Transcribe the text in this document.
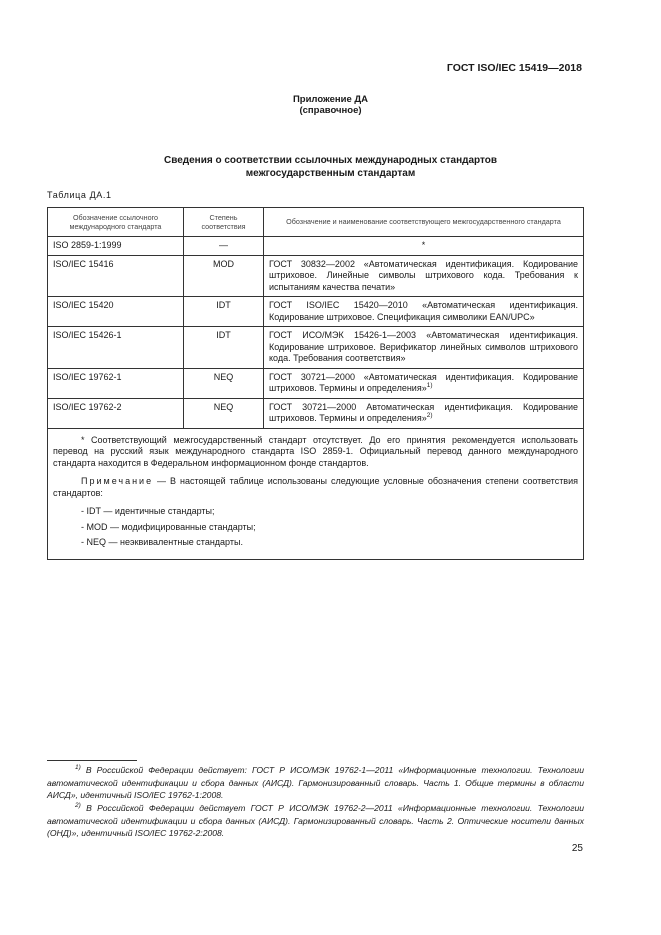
ГОСТ ISO/IEC 15419—2018
Приложение ДА
(справочное)
Сведения о соответствии ссылочных международных стандартов
межгосударственным стандартам
Таблица ДА.1
Обозначение ссылочного международного стандарта	Степень соответствия	Обозначение и наименование соответствующего межгосударственного стандарта
ISO 2859-1:1999	—	*
ISO/IEC 15416	MOD	ГОСТ 30832—2002 «Автоматическая идентификация. Кодирование штриховое. Линейные символы штрихового кода. Требования к испытаниям качества печати»
ISO/IEC 15420	IDT	ГОСТ ISO/IEC 15420—2010 «Автоматическая идентификация. Кодирование штриховое. Спецификация символики EAN/UPC»
ISO/IEC 15426-1	IDT	ГОСТ ИСО/МЭК 15426-1—2003 «Автоматическая идентификация. Кодирование штриховое. Верификатор линейных символов штрихового кода. Требования соответствия»
ISO/IEC 19762-1	NEQ	ГОСТ 30721—2000 «Автоматическая идентификация. Кодирование штриховов. Термины и определения»$^{1)}$
ISO/IEC 19762-2	NEQ	ГОСТ 30721—2000 Автоматическая идентификация. Кодирование штриховов. Термины и определения»$^{2)}$

* Соответствующий межгосударственный стандарт отсутствует. До его принятия рекомендуется использовать перевод на русский язык международного стандарта ISO 2859-1. Официальный перевод данного международного стандарта находится в Федеральном информационном фонде стандартов.

Примечание — В настоящей таблице использованы следующие условные обозначения степени соответствия стандартов:

- IDT — идентичные стандарты;

- MOD — модифицированные стандарты;

- NEQ — неэквивалентные стандарты.		

$^{1)}$ В Российской Федерации действует: ГОСТ Р ИСО/МЭК 19762-1—2011 «Информационные технологии. Технологии автоматической идентификации и сбора данных (АИСД). Гармонизированный словарь. Часть 1. Общие термины в области АИСД», идентичный ISO/IEC 19762-1:2008.
$^{2)}$ В Российской Федерации действует ГОСТ Р ИСО/МЭК 19762-2—2011 «Информационные технологии. Технологии автоматической идентификации и сбора данных (АИСД). Гармонизированный словарь. Часть 2. Оптические носители данных (ОНД)», идентичный ISO/IEC 19762-2:2008.
25
